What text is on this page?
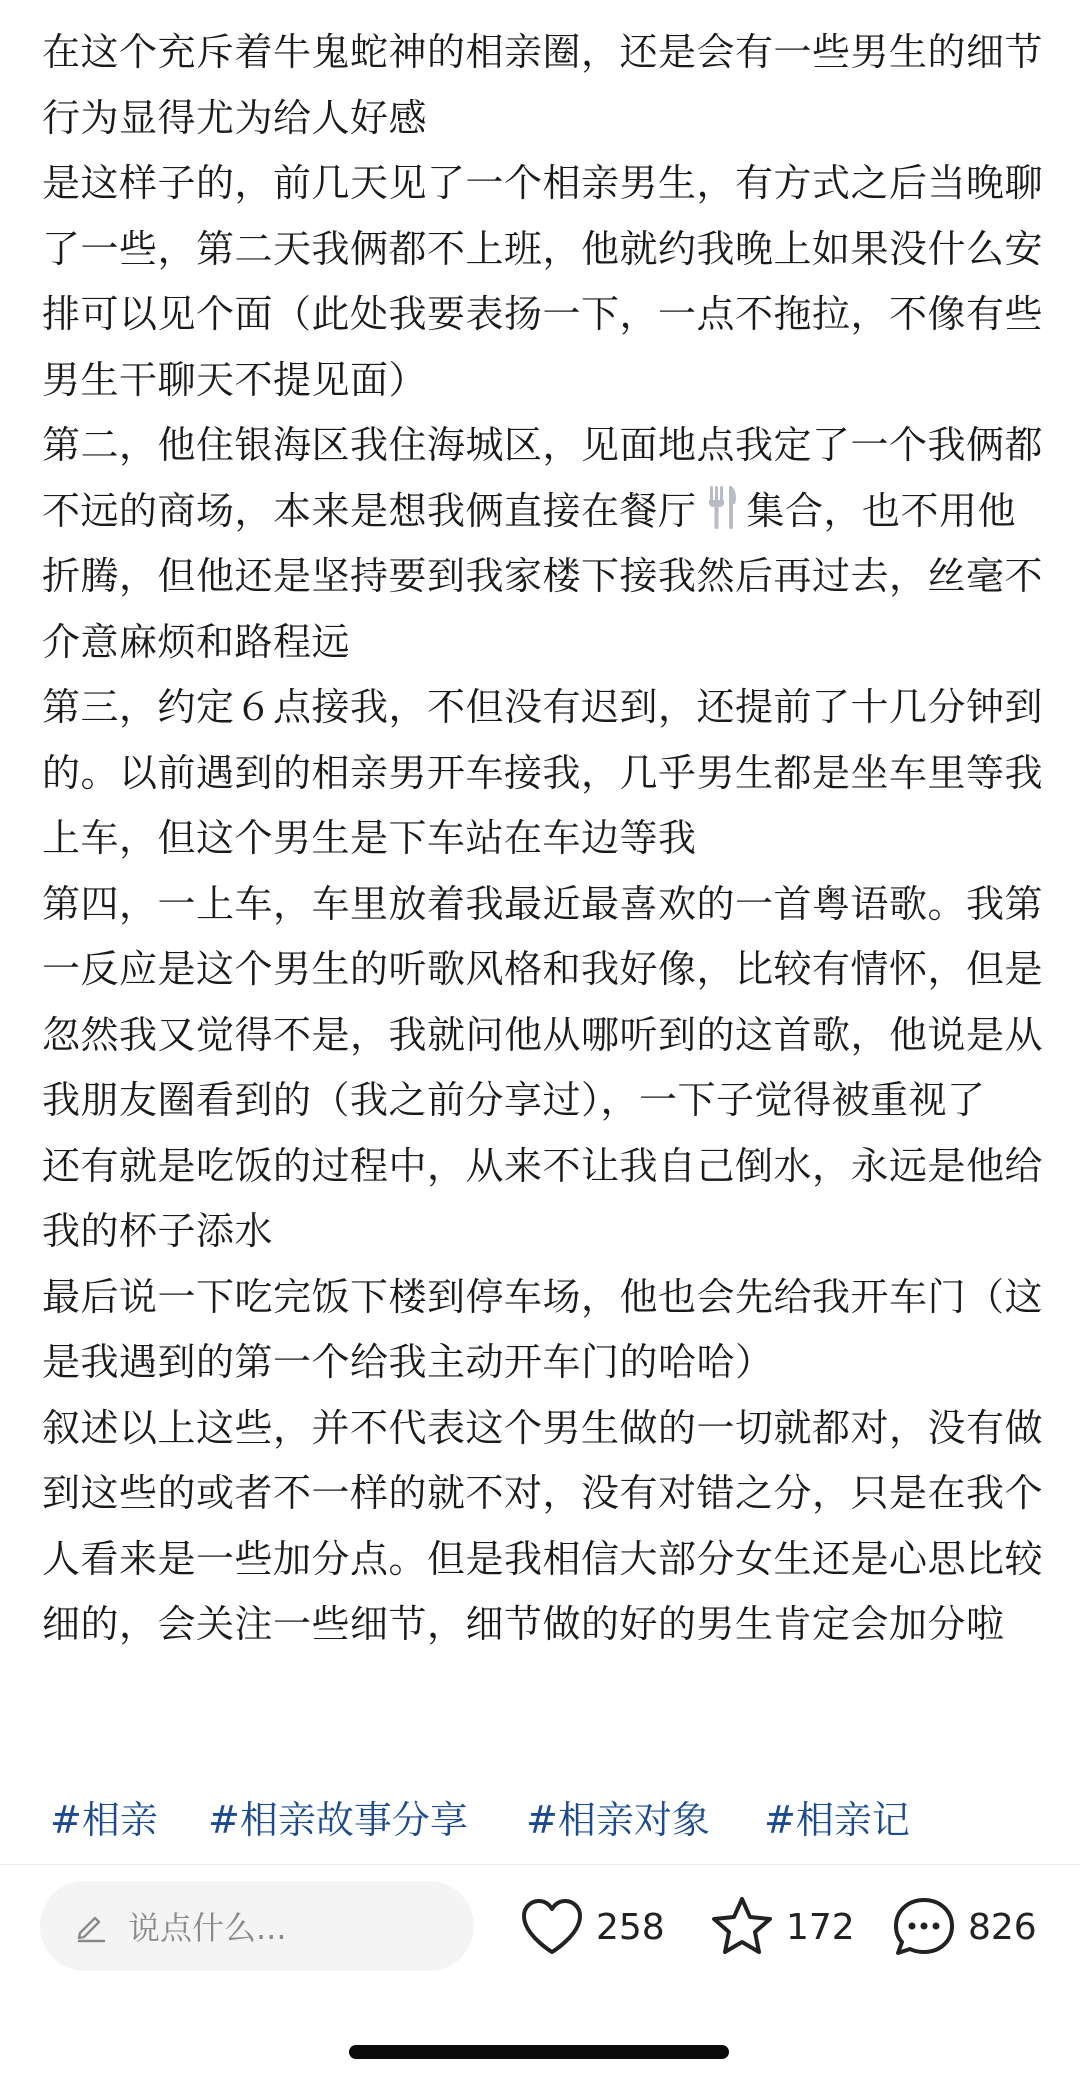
在这个充斥着牛鬼蛇神的相亲圈，还是会有一些男生的细节行为显得尤为给人好感

是这样子的，前几天见了一个相亲男生，有方式之后当晚聊了一些，第二天我俩都不上班，他就约我晚上如果没什么安排可以见个面（此处我要表扬一下，一点不拖拉，不像有些男生干聊天不提见面）

第二，他住银海区我住海城区，见面地点我定了一个我俩都不远的商场，本来是想我俩直接在餐厅 集合，也不用他折腾，但他还是坚持要到我家楼下接我然后再过去，丝毫不介意麻烦和路程远

第三，约定６点接我，不但没有迟到，还提前了十几分钟到的。以前遇到的相亲男开车接我，几乎男生都是坐车里等我上车，但这个男生是下车站在车边等我

第四，一上车，车里放着我最近最喜欢的一首粤语歌。我第一反应是这个男生的听歌风格和我好像，比较有情怀，但是忽然我又觉得不是，我就问他从哪听到的这首歌，他说是从我朋友圈看到的（我之前分享过），一下子觉得被重视了

还有就是吃饭的过程中，从来不让我自己倒水，永远是他给我的杯子添水

最后说一下吃完饭下楼到停车场，他也会先给我开车门（这是我遇到的第一个给我主动开车门的哈哈）

叙述以上这些，并不代表这个男生做的一切就都对，没有做到这些的或者不一样的就不对，没有对错之分，只是在我个人看来是一些加分点。但是我相信大部分女生还是心思比较细的，会关注一些细节，细节做的好的男生肯定会加分啦

#相亲 #相亲故事分享 #相亲对象 #相亲记
说点什么...	258	172	826
